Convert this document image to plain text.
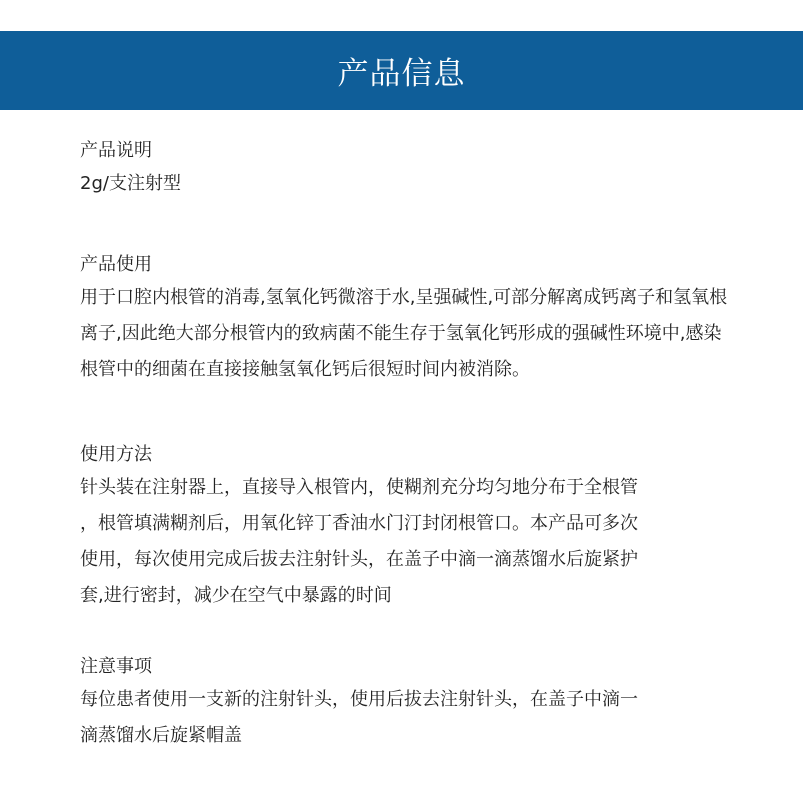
产品信息
产品说明
2g/支注射型
产品使用
用于口腔内根管的消毒,氢氧化钙微溶于水,呈强碱性,可部分解离成钙离子和氢氧根
离子,因此绝大部分根管内的致病菌不能生存于氢氧化钙形成的强碱性环境中,感染
根管中的细菌在直接接触氢氧化钙后很短时间内被消除。
使用方法
针头装在注射器上，直接导入根管内，使糊剂充分均匀地分布于全根管
，根管填满糊剂后，用氧化锌丁香油水门汀封闭根管口。本产品可多次
使用，每次使用完成后拔去注射针头，在盖子中滴一滴蒸馏水后旋紧护
套,进行密封，减少在空气中暴露的时间
注意事项
每位患者使用一支新的注射针头，使用后拔去注射针头，在盖子中滴一
滴蒸馏水后旋紧帽盖
